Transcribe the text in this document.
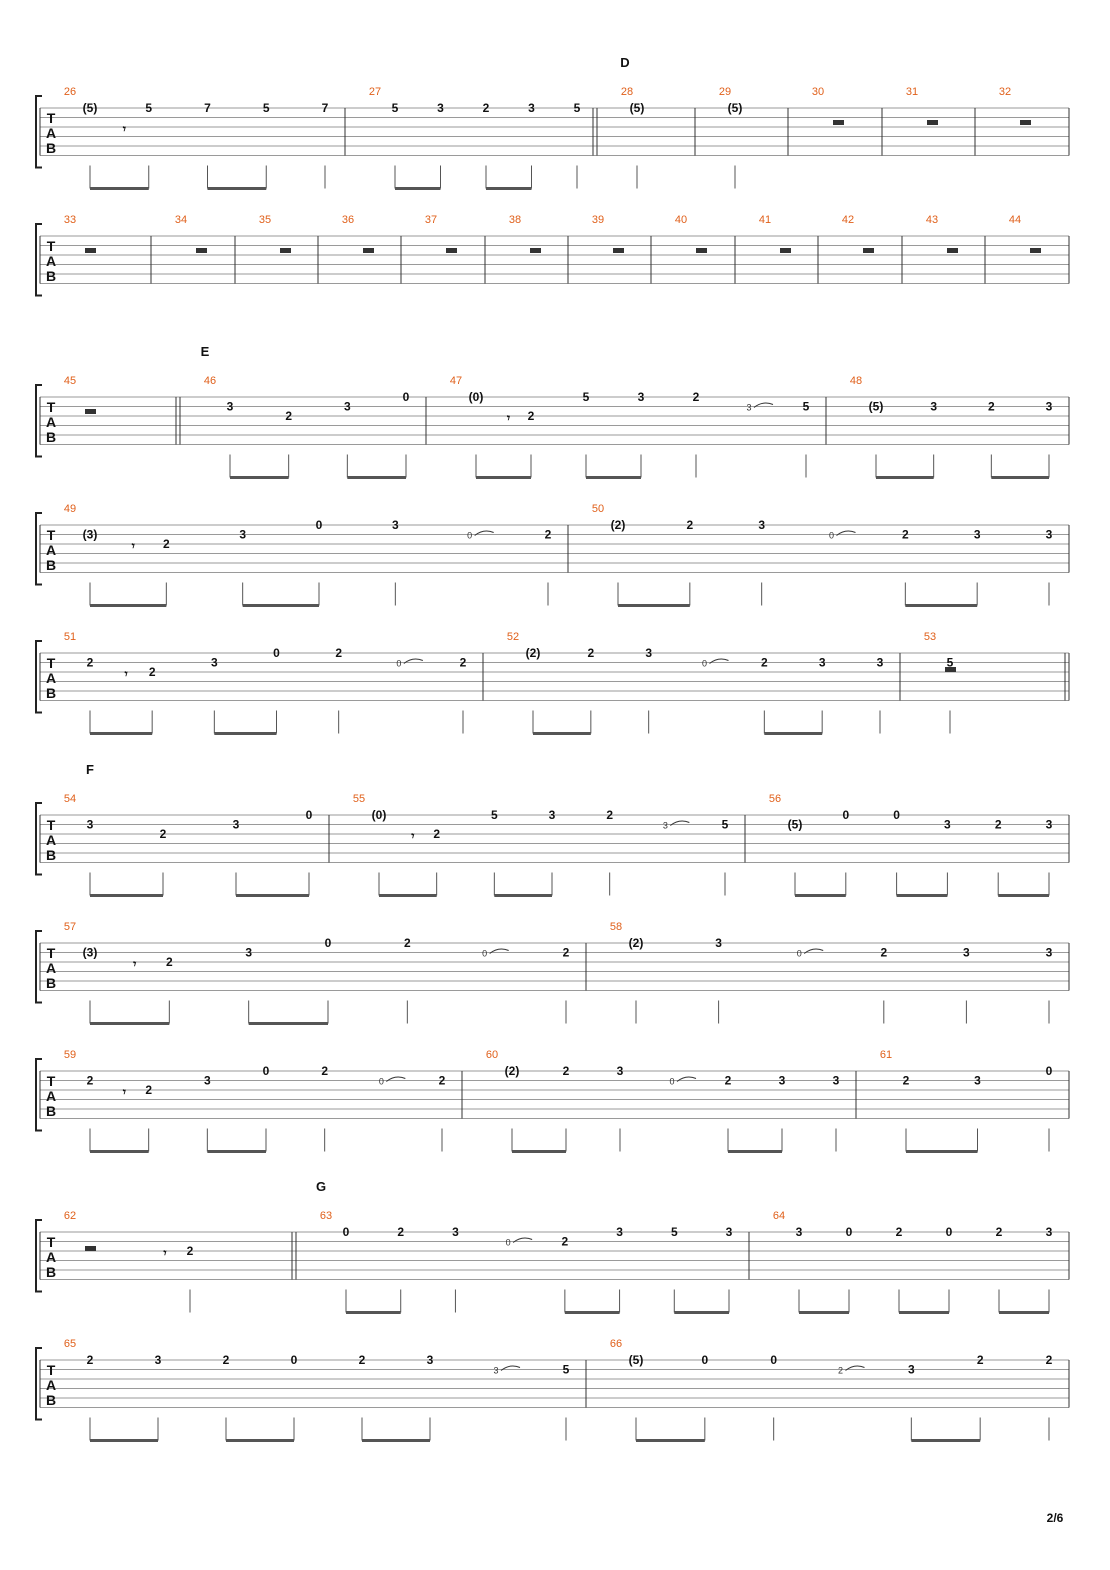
T
A
B
D
26
(5)	5	7	5	7
𝄾
27
5	3	2	3	5
28
(5)
29
(5)
30	31	32
T
A
B
33	34	35	36	37	38	39	40	41	42	43	44
T
A
B
E
45	46
3
2
3
0
47
(0)
2
5	3	2
3	5
𝄾
48
(5)	3	2	3
T
A
B
49
(3)
2
3
0	3
0	2
𝄾
50
(2)	2	3
0	2	3	3
T
A
B
51
2
2
3
0	2
0	2
𝄾
52
(2)	2	3
0	2	3	3
53
5
T
A
B
F
54
3
2
3
0
55
(0)
2
5	3	2
3	5
𝄾
56
(5)
0	0
3	2	3
T
A
B
57
(3)
2
3
0	2
0	2
𝄾
58
(2)	3
0	2	3	3
T
A
B
59
2
2
3
0	2
0	2
𝄾
60
(2)	2	3
0	2	3	3
61
2	3
0
T
A
B
G
62
2
𝄾
63
0	2	3
0	2
3	5	3
64
3	0	2	0	2	3
T
A
B
65
2	3	2	0	2	3
3	5
66
(5)	0	0
2	3
2	2
2/6
